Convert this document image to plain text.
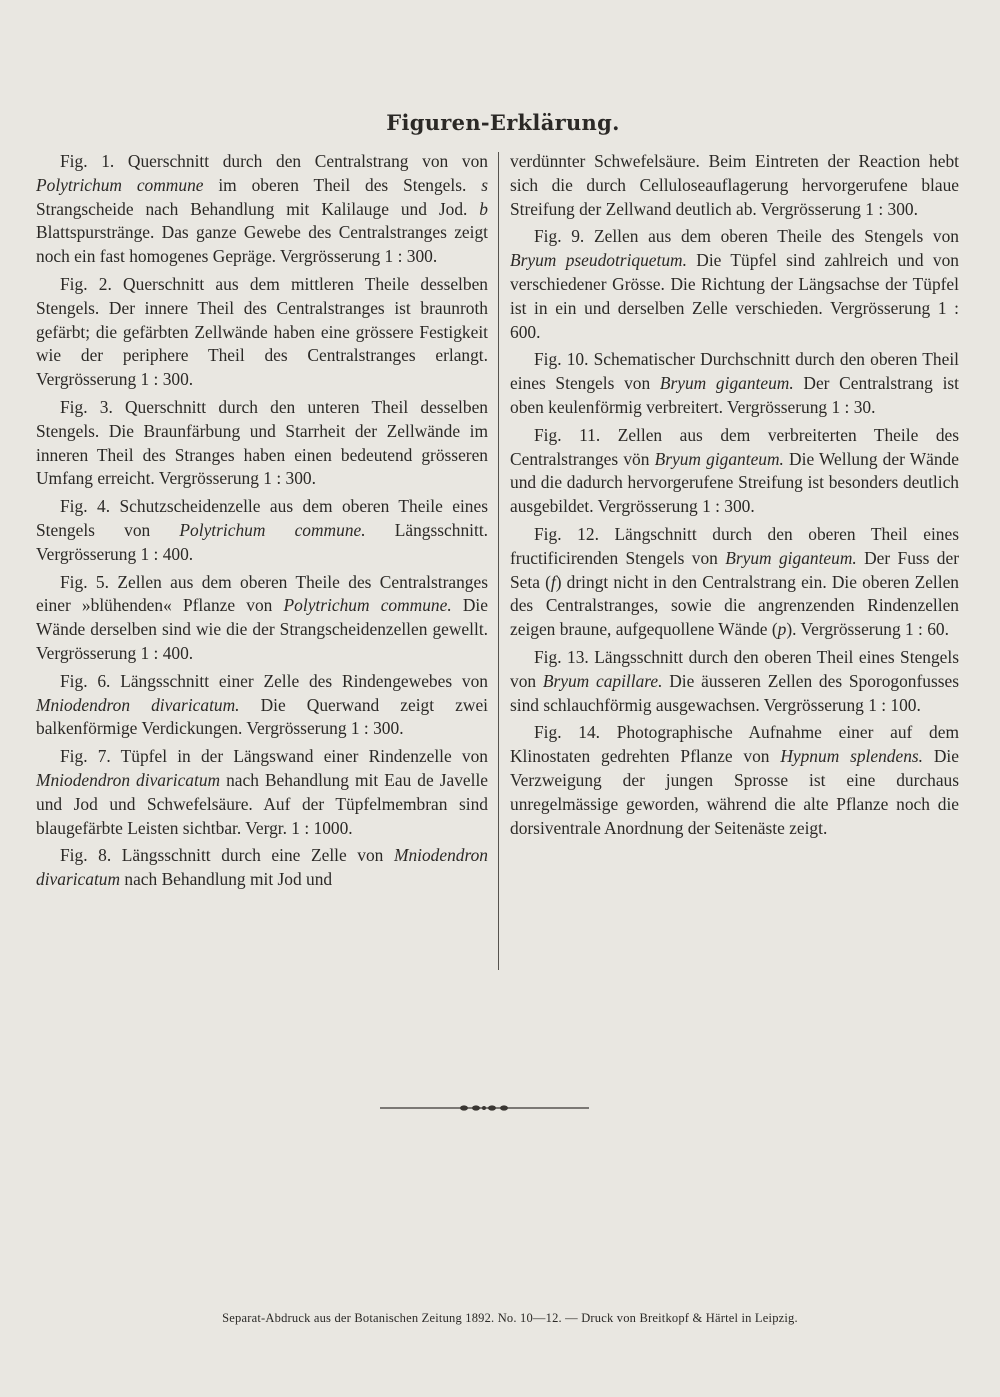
Figuren-Erklärung.

Fig. 1. Querschnitt durch den Centralstrang von von Polytrichum commune im oberen Theil des Stengels. s Strangscheide nach Behandlung mit Kalilauge und Jod. b Blattspurstränge. Das ganze Gewebe des Centralstranges zeigt noch ein fast homogenes Gepräge. Vergrösserung 1 : 300.

Fig. 2. Querschnitt aus dem mittleren Theile desselben Stengels. Der innere Theil des Centralstranges ist braunroth gefärbt; die gefärbten Zellwände haben eine grössere Festigkeit wie der periphere Theil des Centralstranges erlangt. Vergrösserung 1 : 300.

Fig. 3. Querschnitt durch den unteren Theil desselben Stengels. Die Braunfärbung und Starrheit der Zellwände im inneren Theil des Stranges haben einen bedeutend grösseren Umfang erreicht. Vergrösserung 1 : 300.

Fig. 4. Schutzscheidenzelle aus dem oberen Theile eines Stengels von Polytrichum commune. Längsschnitt. Vergrösserung 1 : 400.

Fig. 5. Zellen aus dem oberen Theile des Centralstranges einer »blühenden« Pflanze von Polytrichum commune. Die Wände derselben sind wie die der Strangscheidenzellen gewellt. Vergrösserung 1 : 400.

Fig. 6. Längsschnitt einer Zelle des Rindengewebes von Mniodendron divaricatum. Die Querwand zeigt zwei balkenförmige Verdickungen. Vergrösserung 1 : 300.

Fig. 7. Tüpfel in der Längswand einer Rindenzelle von Mniodendron divaricatum nach Behandlung mit Eau de Javelle und Jod und Schwefelsäure. Auf der Tüpfelmembran sind blaugefärbte Leisten sichtbar. Vergr. 1 : 1000.

Fig. 8. Längsschnitt durch eine Zelle von Mniodendron divaricatum nach Behandlung mit Jod und

verdünnter Schwefelsäure. Beim Eintreten der Reaction hebt sich die durch Celluloseauflagerung hervorgerufene blaue Streifung der Zellwand deutlich ab. Vergrösserung 1 : 300.

Fig. 9. Zellen aus dem oberen Theile des Stengels von Bryum pseudotriquetum. Die Tüpfel sind zahlreich und von verschiedener Grösse. Die Richtung der Längsachse der Tüpfel ist in ein und derselben Zelle verschieden. Vergrösserung 1 : 600.

Fig. 10. Schematischer Durchschnitt durch den oberen Theil eines Stengels von Bryum giganteum. Der Centralstrang ist oben keulenförmig verbreitert. Vergrösserung 1 : 30.

Fig. 11. Zellen aus dem verbreiterten Theile des Centralstranges vön Bryum giganteum. Die Wellung der Wände und die dadurch hervorgerufene Streifung ist besonders deutlich ausgebildet. Vergrösserung 1 : 300.

Fig. 12. Längschnitt durch den oberen Theil eines fructificirenden Stengels von Bryum giganteum. Der Fuss der Seta (f) dringt nicht in den Centralstrang ein. Die oberen Zellen des Centralstranges, sowie die angrenzenden Rindenzellen zeigen braune, aufgequollene Wände (p). Vergrösserung 1 : 60.

Fig. 13. Längsschnitt durch den oberen Theil eines Stengels von Bryum capillare. Die äusseren Zellen des Sporogonfusses sind schlauchförmig ausgewachsen. Vergrösserung 1 : 100.

Fig. 14. Photographische Aufnahme einer auf dem Klinostaten gedrehten Pflanze von Hypnum splendens. Die Verzweigung der jungen Sprosse ist eine durchaus unregelmässige geworden, während die alte Pflanze noch die dorsiventrale Anordnung der Seitenäste zeigt.

Separat-Abdruck aus der Botanischen Zeitung 1892. No. 10—12. — Druck von Breitkopf & Härtel in Leipzig.
